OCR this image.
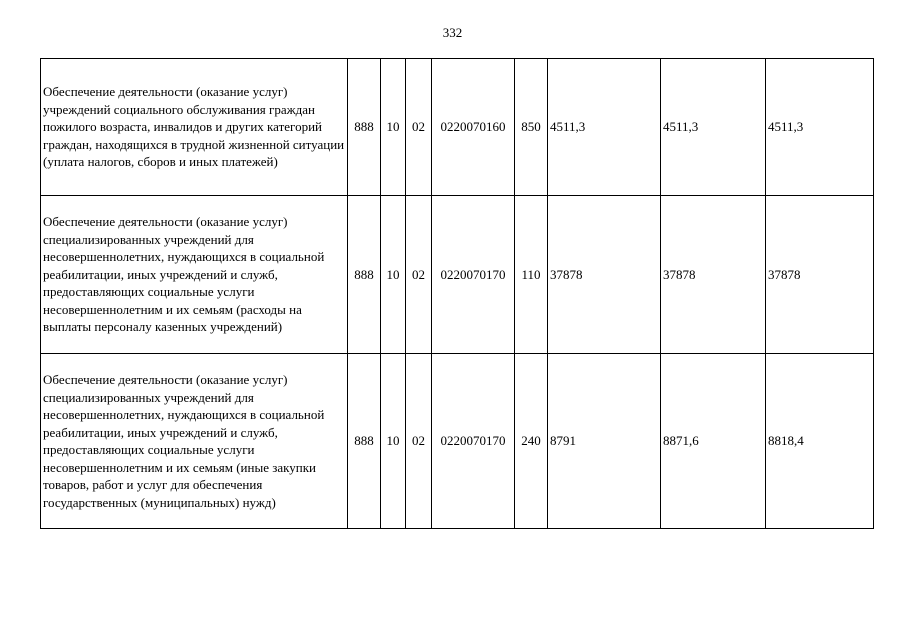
332
Обеспечение деятельности (оказание услуг) учреждений социального обслуживания граждан пожилого возраста, инвалидов и других категорий граждан, находящихся в трудной жизненной ситуации (уплата налогов, сборов и иных платежей)	888	10	02	0220070160	850	4511,3	4511,3	4511,3
Обеспечение деятельности (оказание услуг) специализированных учреждений для несовершеннолетних, нуждающихся в социальной реабилитации, иных учреждений и служб, предоставляющих социальные услуги несовершеннолетним и их семьям (расходы на выплаты персоналу казенных учреждений)	888	10	02	0220070170	110	37878	37878	37878
Обеспечение деятельности (оказание услуг) специализированных учреждений для несовершеннолетних, нуждающихся в социальной реабилитации, иных учреждений и служб, предоставляющих социальные услуги несовершеннолетним и их семьям (иные закупки товаров, работ и услуг для обеспечения государственных (муниципальных) нужд)	888	10	02	0220070170	240	8791	8871,6	8818,4
